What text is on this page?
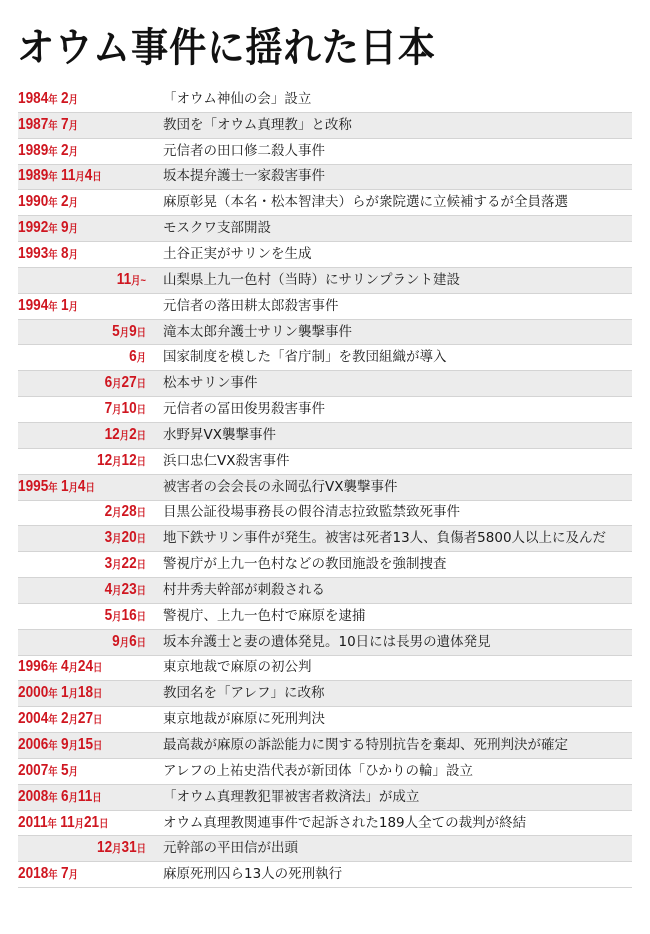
オウム事件に揺れた日本
1984年 2月	「オウム神仙の会」設立
1987年 7月	教団を「オウム真理教」と改称
1989年 2月	元信者の田口修二殺人事件
1989年 11月4日	坂本提弁護士一家殺害事件
1990年 2月	麻原彰晃（本名・松本智津夫）らが衆院選に立候補するが全員落選
1992年 9月	モスクワ支部開設
1993年 8月	土谷正実がサリンを生成
11月~ 山梨県上九一色村（当時）にサリンプラント建設
1994年 1月	元信者の落田耕太郎殺害事件
5月9日 滝本太郎弁護士サリン襲撃事件
6月 国家制度を模した「省庁制」を教団組織が導入
6月27日 松本サリン事件
7月10日 元信者の冨田俊男殺害事件
12月2日 水野昇VX襲撃事件
12月12日 浜口忠仁VX殺害事件
1995年 1月4日	被害者の会会長の永岡弘行VX襲撃事件
2月28日 目黒公証役場事務長の假谷清志拉致監禁致死事件
3月20日 地下鉄サリン事件が発生。被害は死者13人、負傷者5800人以上に及んだ
3月22日 警視庁が上九一色村などの教団施設を強制捜査
4月23日 村井秀夫幹部が刺殺される
5月16日 警視庁、上九一色村で麻原を逮捕
9月6日 坂本弁護士と妻の遺体発見。10日には長男の遺体発見
1996年 4月24日	東京地裁で麻原の初公判
2000年 1月18日	教団名を「アレフ」に改称
2004年 2月27日	東京地裁が麻原に死刑判決
2006年 9月15日	最高裁が麻原の訴訟能力に関する特別抗告を棄却、死刑判決が確定
2007年 5月	アレフの上祐史浩代表が新団体「ひかりの輪」設立
2008年 6月11日	「オウム真理教犯罪被害者救済法」が成立
2011年 11月21日	オウム真理教関連事件で起訴された189人全ての裁判が終結
12月31日 元幹部の平田信が出頭
2018年 7月	麻原死刑囚ら13人の死刑執行
